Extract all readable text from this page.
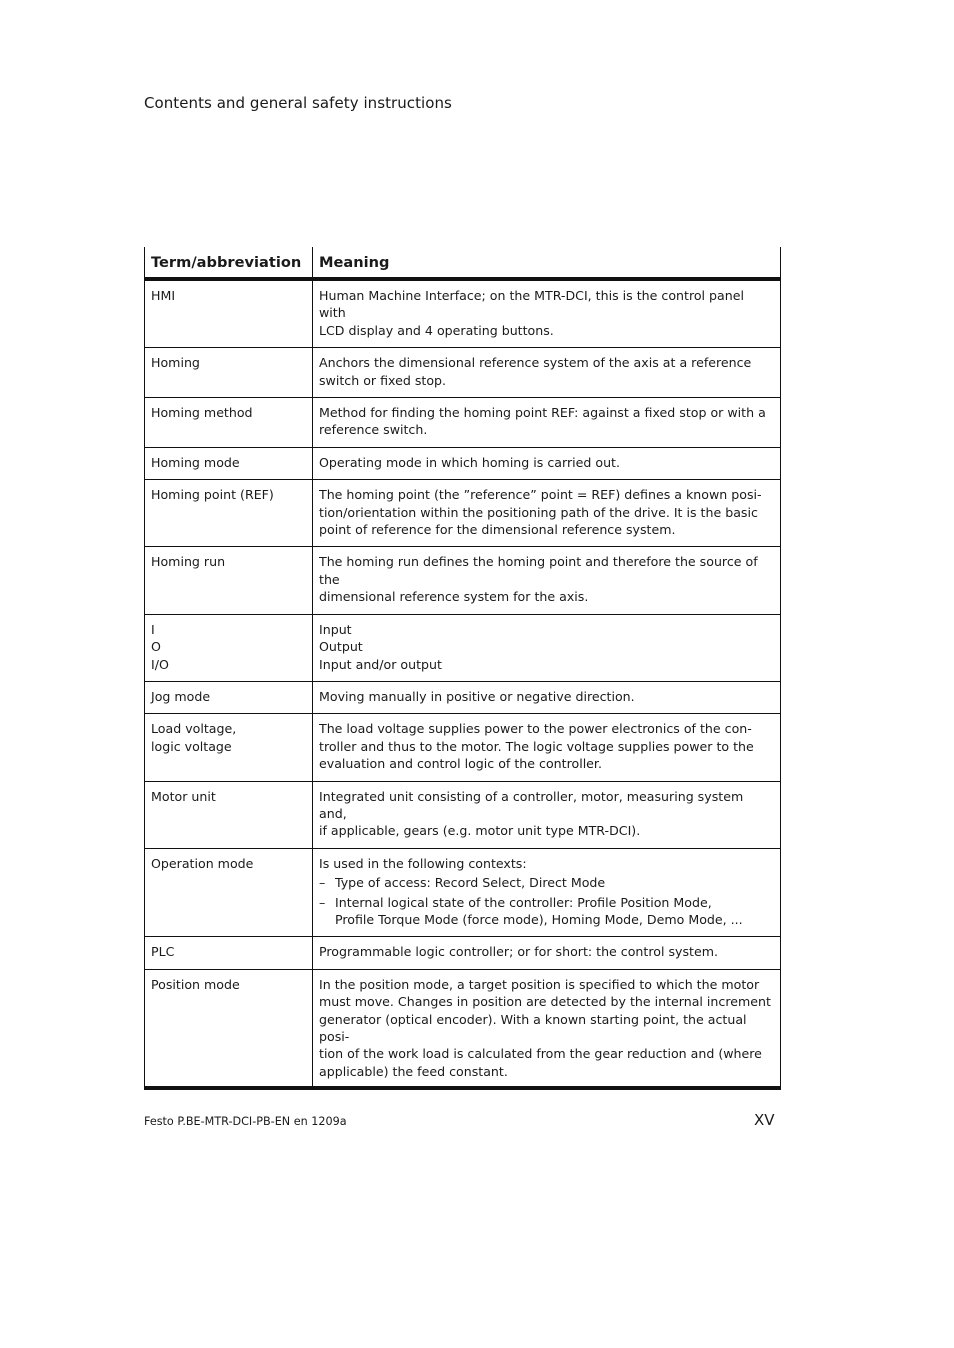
Contents and general safety instructions
Term/abbreviation	Meaning

HMI	Human Machine Interface; on the MTR-DCI, this is the control panel with
LCD display and 4 operating buttons.

Homing	Anchors the dimensional reference system of the axis at a reference
switch or fixed stop.

Homing method	Method for finding the homing point REF: against a fixed stop or with a
reference switch.

Homing mode	Operating mode in which homing is carried out.

Homing point (REF)	The homing point (the ”reference” point = REF) defines a known posi-
tion/orientation within the positioning path of the drive. It is the basic
point of reference for the dimensional reference system.

Homing run	The homing run defines the homing point and therefore the source of the
dimensional reference system for the axis.

I
O
I/O	Input
Output
Input and/or output

Jog mode	Moving manually in positive or negative direction.

Load voltage,
logic voltage	The load voltage supplies power to the power electronics of the con-
troller and thus to the motor. The logic voltage supplies power to the
evaluation and control logic of the controller.

Motor unit	Integrated unit consisting of a controller, motor, measuring system and,
if applicable, gears (e.g. motor unit type MTR-DCI).

Operation mode	Is used in the following contexts:
– Type of access: Record Select, Direct Mode
– Internal logical state of the controller: Profile Position Mode,
Profile Torque Mode (force mode), Homing Mode, Demo Mode, ...

PLC	Programmable logic controller; or for short: the control system.

Position mode	In the position mode, a target position is specified to which the motor
must move. Changes in position are detected by the internal increment
generator (optical encoder). With a known starting point, the actual posi-
tion of the work load is calculated from the gear reduction and (where
applicable) the feed constant.
Festo P.BE-MTR-DCI-PB-EN en 1209a	XV
